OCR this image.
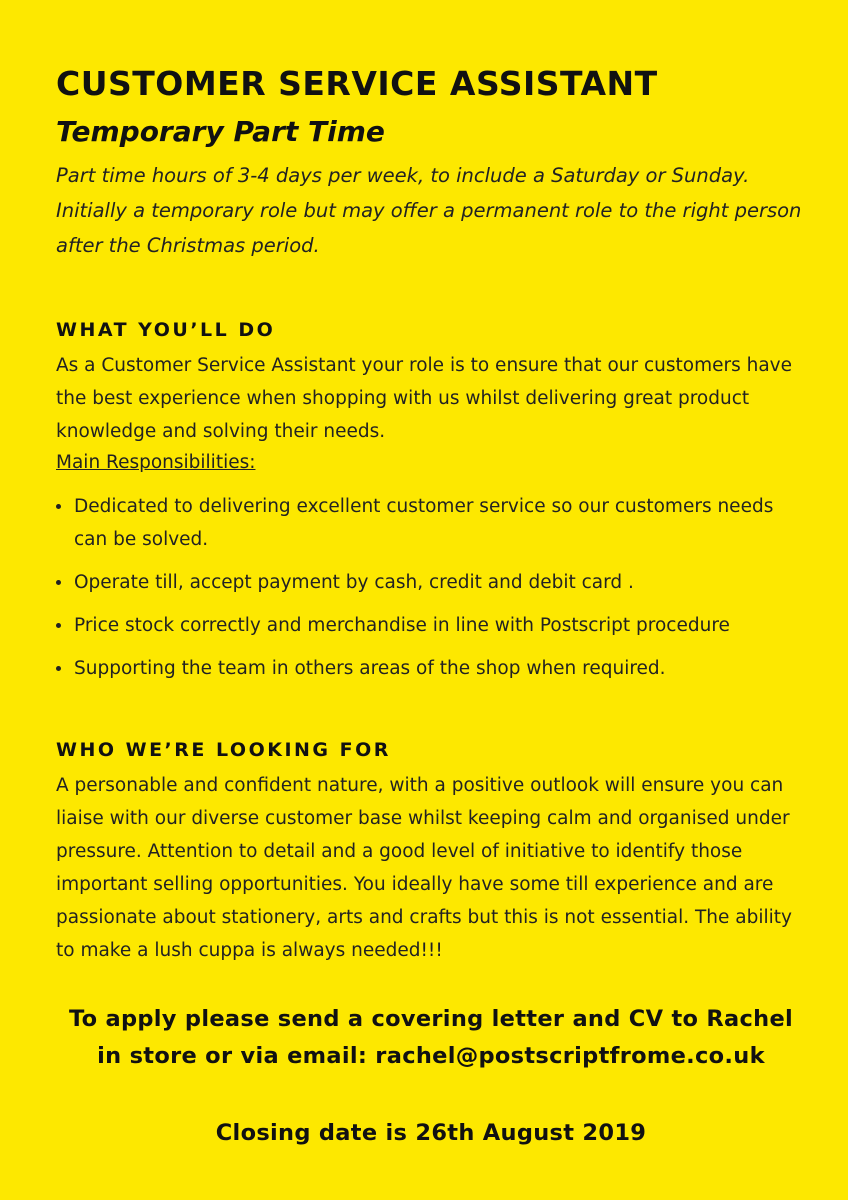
CUSTOMER SERVICE ASSISTANT
Temporary Part Time

Part time hours of 3-4 days per week, to include a Saturday or Sunday. Initially a temporary role but may offer a permanent role to the right person after the Christmas period.

WHAT YOU’LL DO

As a Customer Service Assistant your role is to ensure that our customers have the best experience when shopping with us whilst delivering great product knowledge and solving their needs.

Main Responsibilities:

Dedicated to delivering excellent customer service so our customers needs can be solved.
Operate till, accept payment by cash, credit and debit card .
Price stock correctly and merchandise in line with Postscript procedure
Supporting the team in others areas of the shop when required.
WHO WE’RE LOOKING FOR

A personable and confident nature, with a positive outlook will ensure you can liaise with our diverse customer base whilst keeping calm and organised under pressure. Attention to detail and a good level of initiative to identify those important selling opportunities. You ideally have some till experience and are passionate about stationery, arts and crafts but this is not essential. The ability to make a lush cuppa is always needed!!!

To apply please send a covering letter and CV to Rachel in store or via email: rachel@postscriptfrome.co.uk

Closing date is 26th August 2019
